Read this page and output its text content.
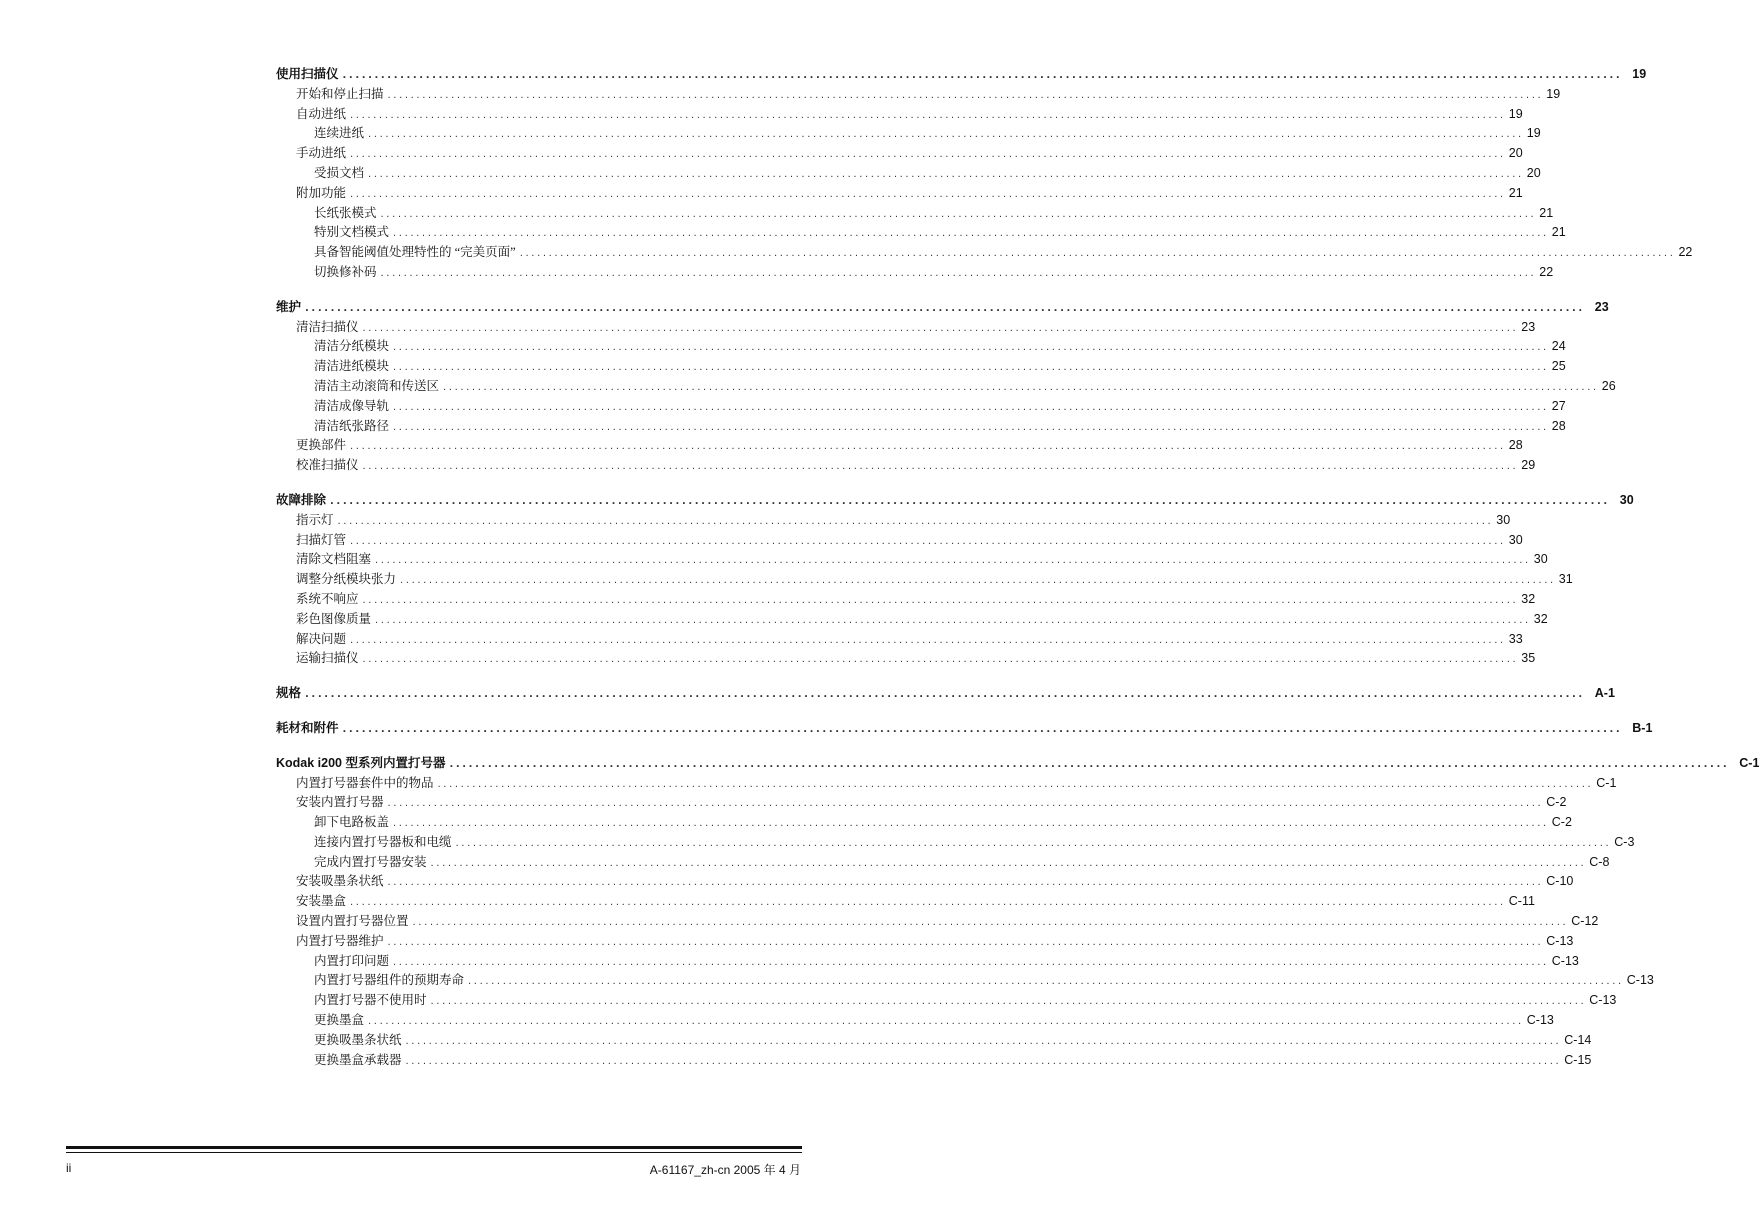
使用扫描仪 ........................................................................................................................................................................................................ 19
开始和停止扫描 ........................................................................................................................................................................................................ 19
自动进纸 ........................................................................................................................................................................................................ 19
连续进纸 ........................................................................................................................................................................................................ 19
手动进纸 ........................................................................................................................................................................................................ 20
受损文档 ........................................................................................................................................................................................................ 20
附加功能 ........................................................................................................................................................................................................ 21
长纸张模式 ........................................................................................................................................................................................................ 21
特别文档模式 ........................................................................................................................................................................................................ 21
具备智能阈值处理特性的 “完美页面” ........................................................................................................................................................................................................ 22
切换修补码 ........................................................................................................................................................................................................ 22
维护 ........................................................................................................................................................................................................ 23
清洁扫描仪 ........................................................................................................................................................................................................ 23
清洁分纸模块 ........................................................................................................................................................................................................ 24
清洁进纸模块 ........................................................................................................................................................................................................ 25
清洁主动滚筒和传送区 ........................................................................................................................................................................................................ 26
清洁成像导轨 ........................................................................................................................................................................................................ 27
清洁纸张路径 ........................................................................................................................................................................................................ 28
更换部件 ........................................................................................................................................................................................................ 28
校准扫描仪 ........................................................................................................................................................................................................ 29
故障排除 ........................................................................................................................................................................................................ 30
指示灯 ........................................................................................................................................................................................................ 30
扫描灯管 ........................................................................................................................................................................................................ 30
清除文档阻塞 ........................................................................................................................................................................................................ 30
调整分纸模块张力 ........................................................................................................................................................................................................ 31
系统不响应 ........................................................................................................................................................................................................ 32
彩色图像质量 ........................................................................................................................................................................................................ 32
解决问题 ........................................................................................................................................................................................................ 33
运输扫描仪 ........................................................................................................................................................................................................ 35
规格 ........................................................................................................................................................................................................ A-1
耗材和附件 ........................................................................................................................................................................................................ B-1
Kodak i200 型系列内置打号器 ........................................................................................................................................................................................................ C-1
内置打号器套件中的物品 ........................................................................................................................................................................................................ C-1
安装内置打号器 ........................................................................................................................................................................................................ C-2
卸下电路板盖 ........................................................................................................................................................................................................ C-2
连接内置打号器板和电缆 ........................................................................................................................................................................................................ C-3
完成内置打号器安装 ........................................................................................................................................................................................................ C-8
安装吸墨条状纸 ........................................................................................................................................................................................................ C-10
安装墨盒 ........................................................................................................................................................................................................ C-11
设置内置打号器位置 ........................................................................................................................................................................................................ C-12
内置打号器维护 ........................................................................................................................................................................................................ C-13
内置打印问题 ........................................................................................................................................................................................................ C-13
内置打号器组件的预期寿命 ........................................................................................................................................................................................................ C-13
内置打号器不使用时 ........................................................................................................................................................................................................ C-13
更换墨盒 ........................................................................................................................................................................................................ C-13
更换吸墨条状纸 ........................................................................................................................................................................................................ C-14
更换墨盒承载器 ........................................................................................................................................................................................................ C-15
ii	A-61167_zh-cn 2005 年 4 月
